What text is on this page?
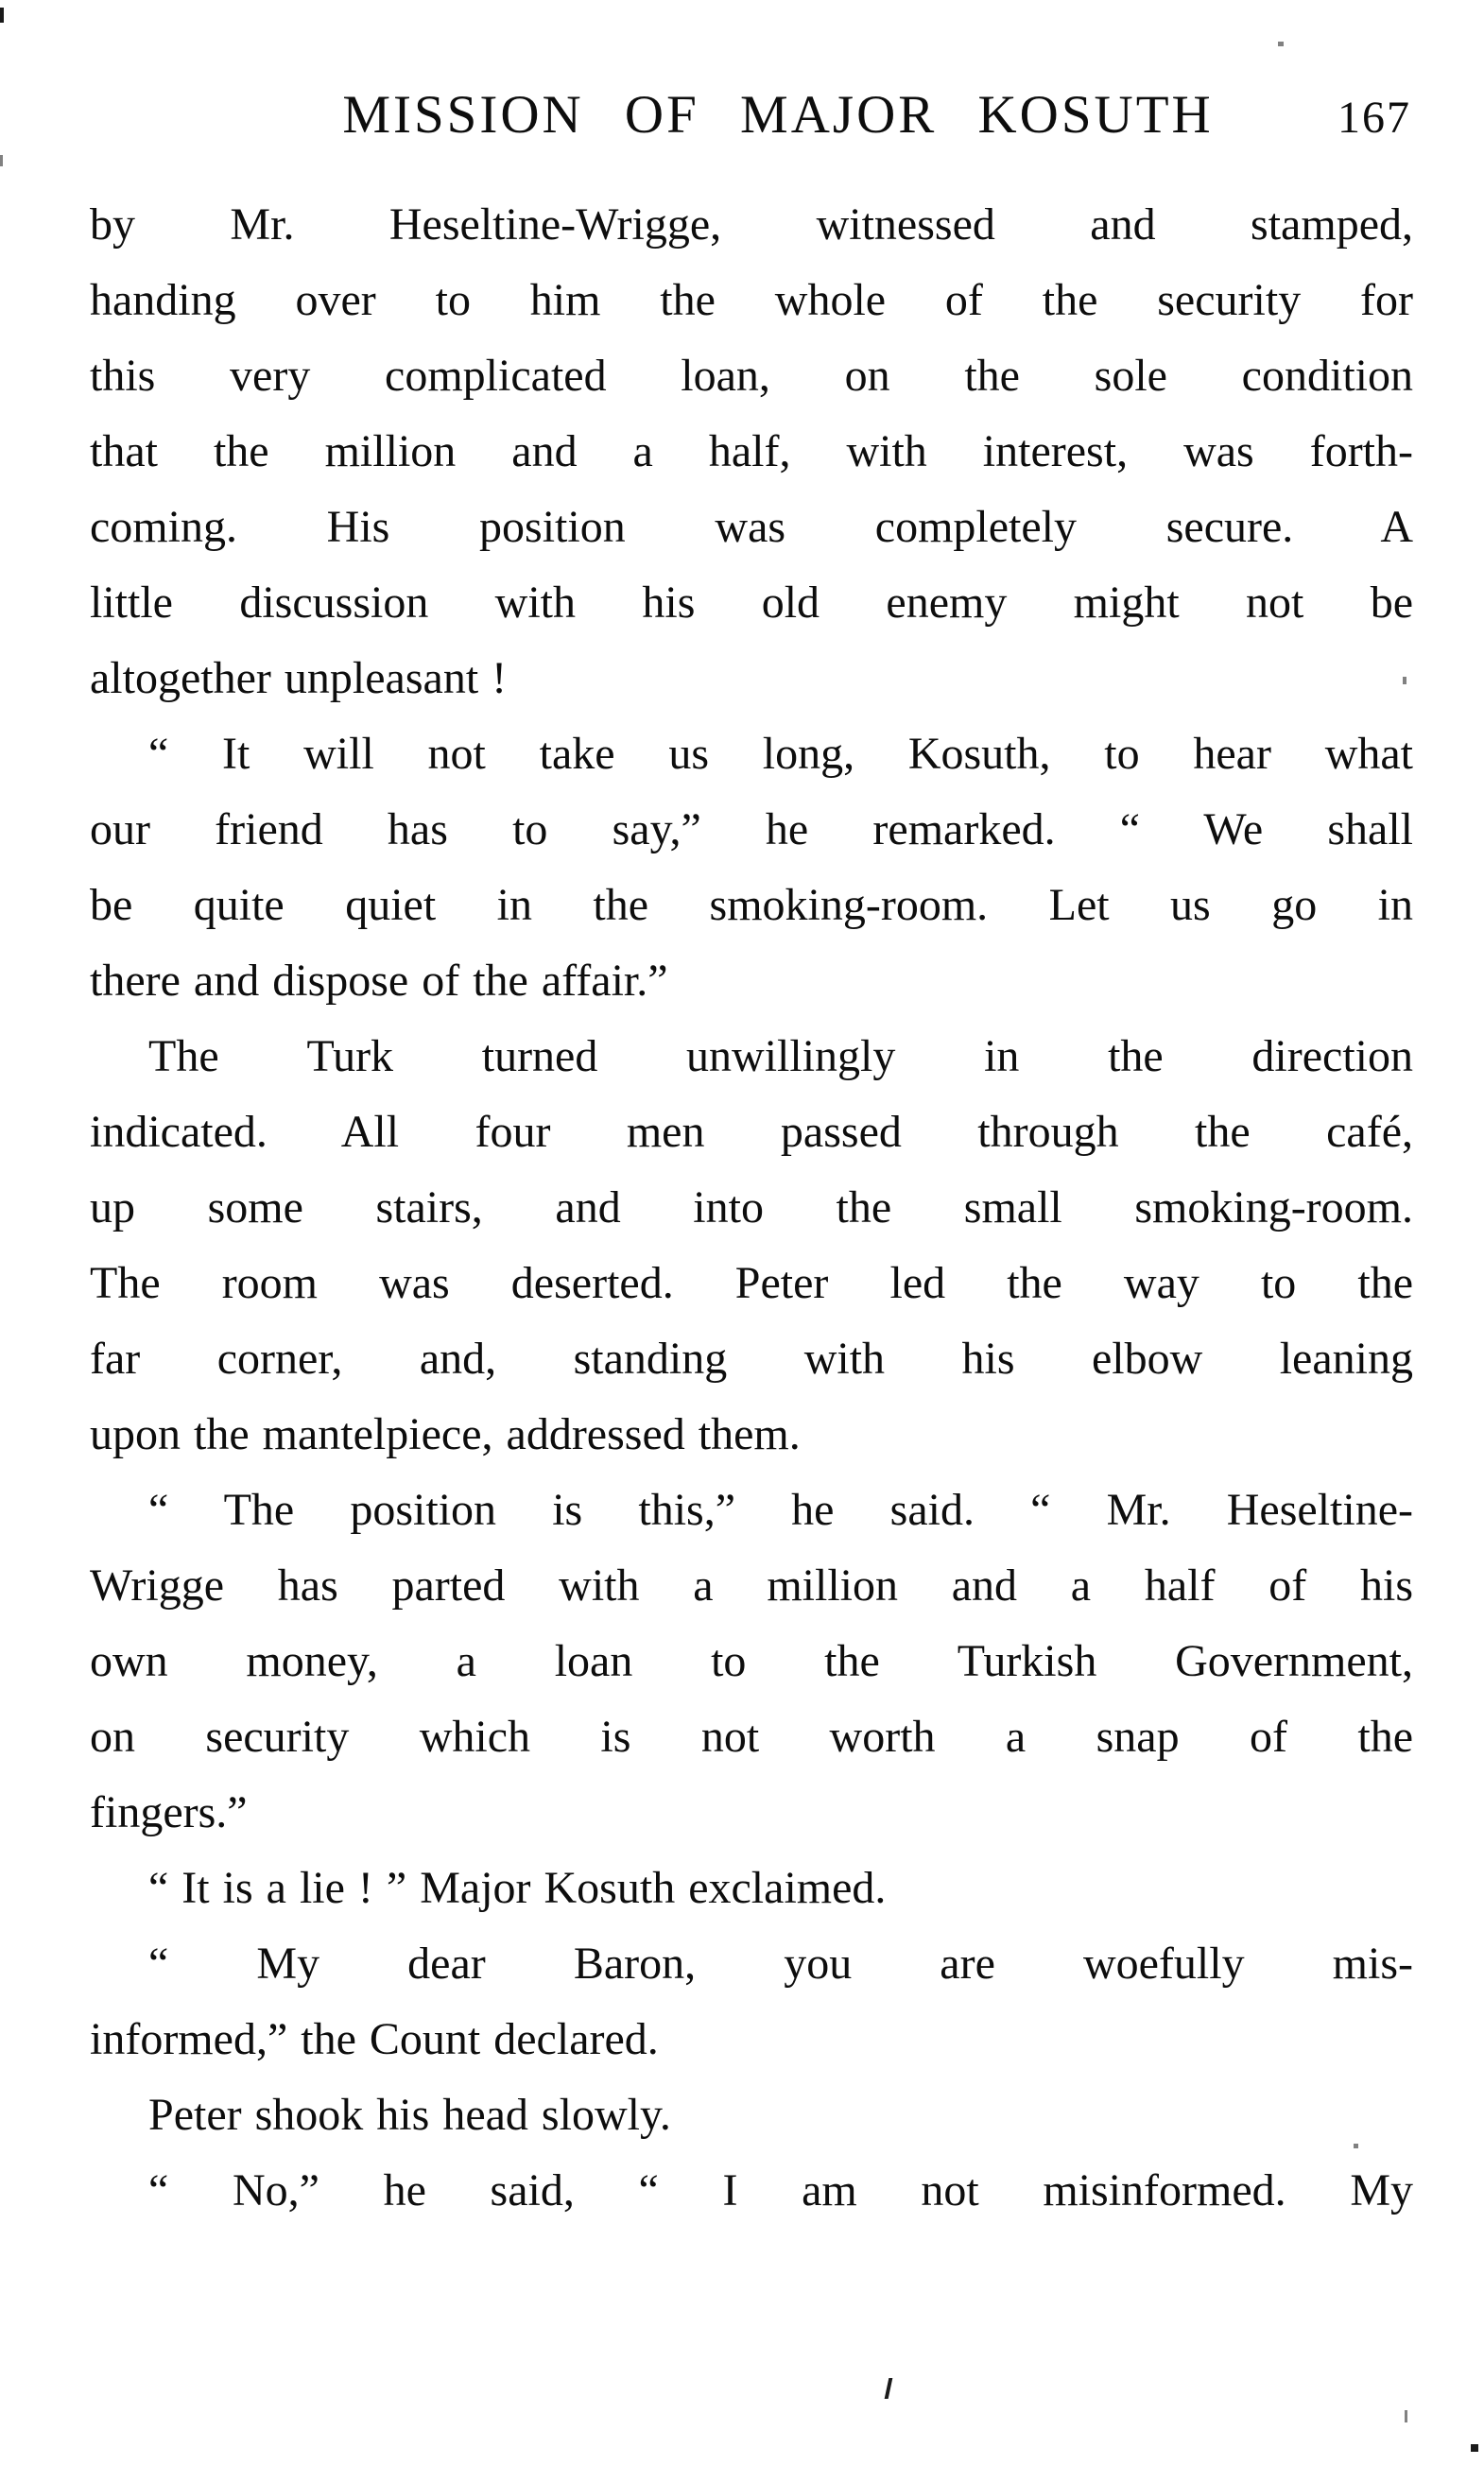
MISSION OF MAJOR KOSUTH	167
by Mr. Heseltine-Wrigge, witnessed and stamped,
handing over to him the whole of the security for
this very complicated loan, on the sole condition
that the million and a half, with interest, was forth-
coming. His position was completely secure. A
little discussion with his old enemy might not be
altogether unpleasant !
“ It will not take us long, Kosuth, to hear what
our friend has to say,” he remarked. “ We shall
be quite quiet in the smoking-room. Let us go in
there and dispose of the affair.”
The Turk turned unwillingly in the direction
indicated. All four men passed through the café,
up some stairs, and into the small smoking-room.
The room was deserted. Peter led the way to the
far corner, and, standing with his elbow leaning
upon the mantelpiece, addressed them.
“ The position is this,” he said. “ Mr. Heseltine-
Wrigge has parted with a million and a half of his
own money, a loan to the Turkish Government,
on security which is not worth a snap of the
fingers.”
“ It is a lie ! ” Major Kosuth exclaimed.
“ My dear Baron, you are woefully mis-
informed,” the Count declared.
Peter shook his head slowly.
“ No,” he said, “ I am not misinformed. My
